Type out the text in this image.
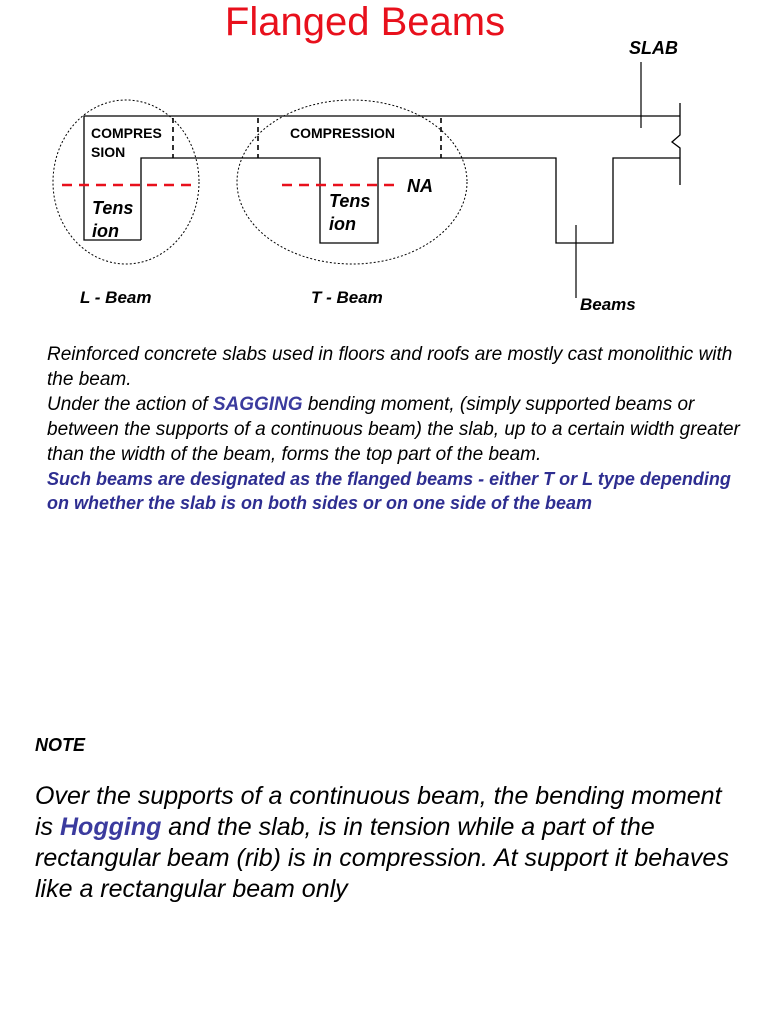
Flanged Beams
SLAB
COMPRES
SION
COMPRESSION
Tens
ion
Tens
ion
NA
L - Beam	T - Beam	Beams

Reinforced concrete slabs used in floors and roofs are mostly cast monolithic with the beam.

Under the action of SAGGING bending moment, (simply supported beams or between the supports of a continuous beam) the slab, up to a certain width greater than the width of the beam, forms the top part of the beam.

Such beams are designated as the flanged beams - either T or L type depending on whether the slab is on both sides or on one side of the beam

NOTE
Over the supports of a continuous beam, the bending moment is Hogging and the slab, is in tension while a part of the rectangular beam (rib) is in compression. At support it behaves like a rectangular beam only
